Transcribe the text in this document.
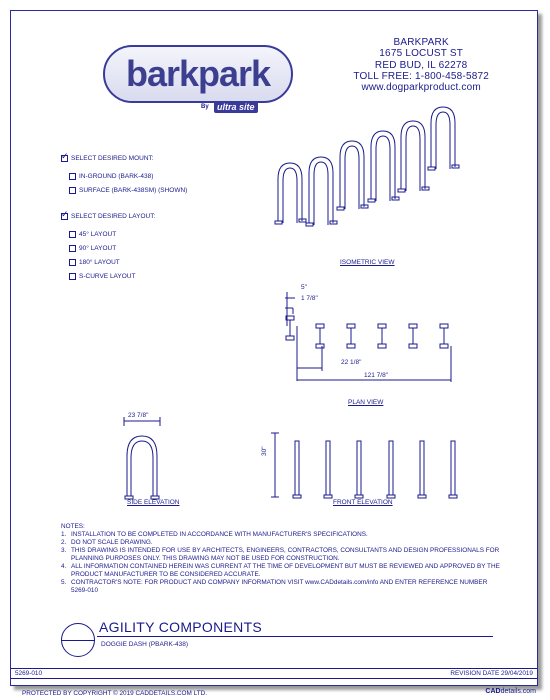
barkpark
By ultra site
BARKPARK
1675 LOCUST ST
RED BUD, IL 62278
TOLL FREE: 1-800-458-5872
www.dogparkproduct.com
✓
SELECT DESIRED MOUNT:
IN-GROUND (BARK-438)
SURFACE (BARK-438SM) (SHOWN)
✓
SELECT DESIRED LAYOUT:
45° LAYOUT
90° LAYOUT
180° LAYOUT
S-CURVE LAYOUT
ISOMETRIC VIEW
5"
1 7/8"
22 1/8"
121 7/8"
PLAN VIEW
23 7/8"
SIDE ELEVATION
30"
FRONT ELEVATION
NOTES:
1. INSTALLATION TO BE COMPLETED IN ACCORDANCE WITH MANUFACTURER'S SPECIFICATIONS.
2. DO NOT SCALE DRAWING.
3. THIS DRAWING IS INTENDED FOR USE BY ARCHITECTS, ENGINEERS, CONTRACTORS, CONSULTANTS AND DESIGN PROFESSIONALS FOR PLANNING PURPOSES ONLY. THIS DRAWING MAY NOT BE USED FOR CONSTRUCTION.
4. ALL INFORMATION CONTAINED HEREIN WAS CURRENT AT THE TIME OF DEVELOPMENT BUT MUST BE REVIEWED AND APPROVED BY THE PRODUCT MANUFACTURER TO BE CONSIDERED ACCURATE.
5. CONTRACTOR'S NOTE: FOR PRODUCT AND COMPANY INFORMATION VISIT www.CADdetails.com/info AND ENTER REFERENCE NUMBER 5269-010
AGILITY COMPONENTS
DOGGIE DASH (PBARK-438)
5269-010	REVISION DATE 29/04/2019
PROTECTED BY COPYRIGHT © 2019 CADDETAILS.COM LTD.	CADdetails.com
